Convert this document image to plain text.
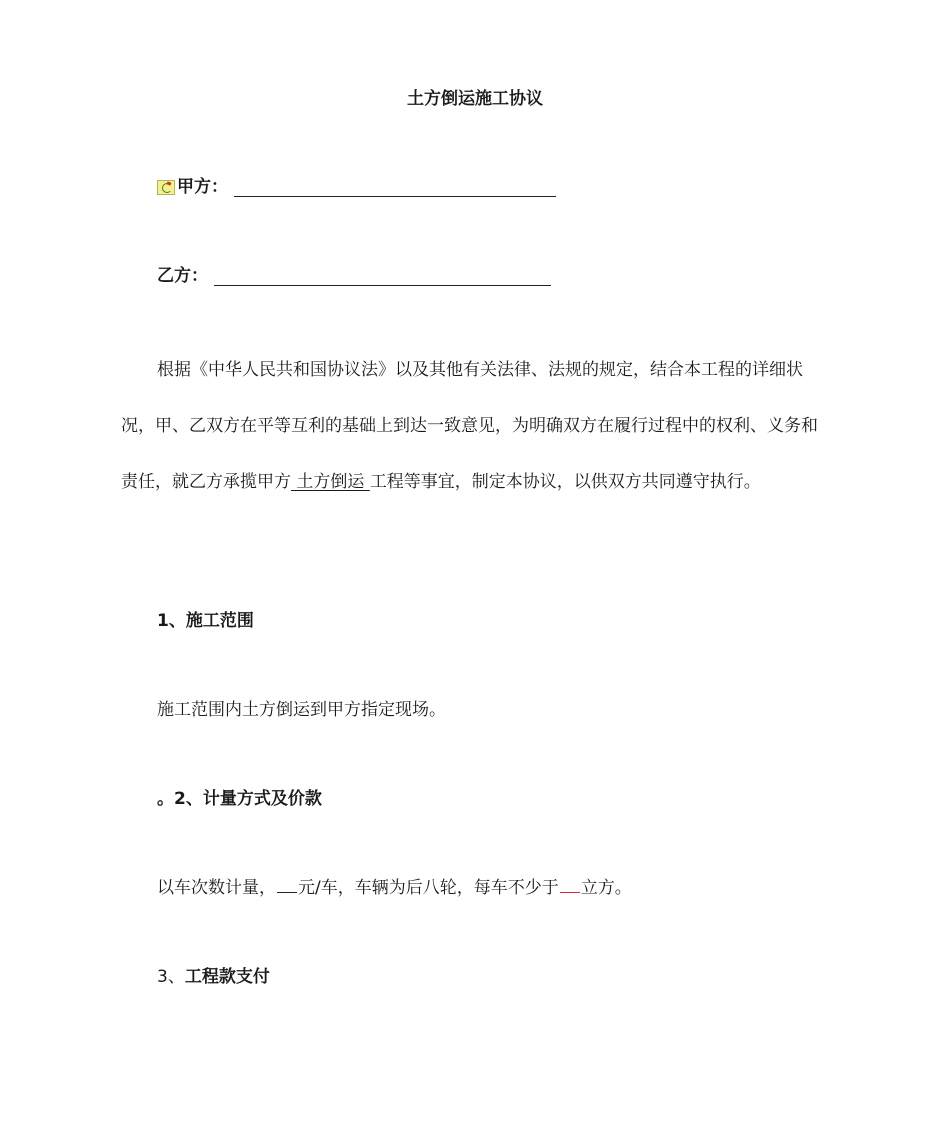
土方倒运施工协议
甲方：
乙方：

根据《中华人民共和国协议法》以及其他有关法律、法规的规定，结合本工程的详细状况，甲、乙双方在平等互利的基础上到达一致意见，为明确双方在履行过程中的权利、义务和责任，就乙方承揽甲方 土方倒运 工程等事宜，制定本协议，以供双方共同遵守执行。

1、施工范围

施工范围内土方倒运到甲方指定现场。

。2、计量方式及价款

以车次数计量， 元/车，车辆为后八轮，每车不少于 立方。

3、工程款支付
